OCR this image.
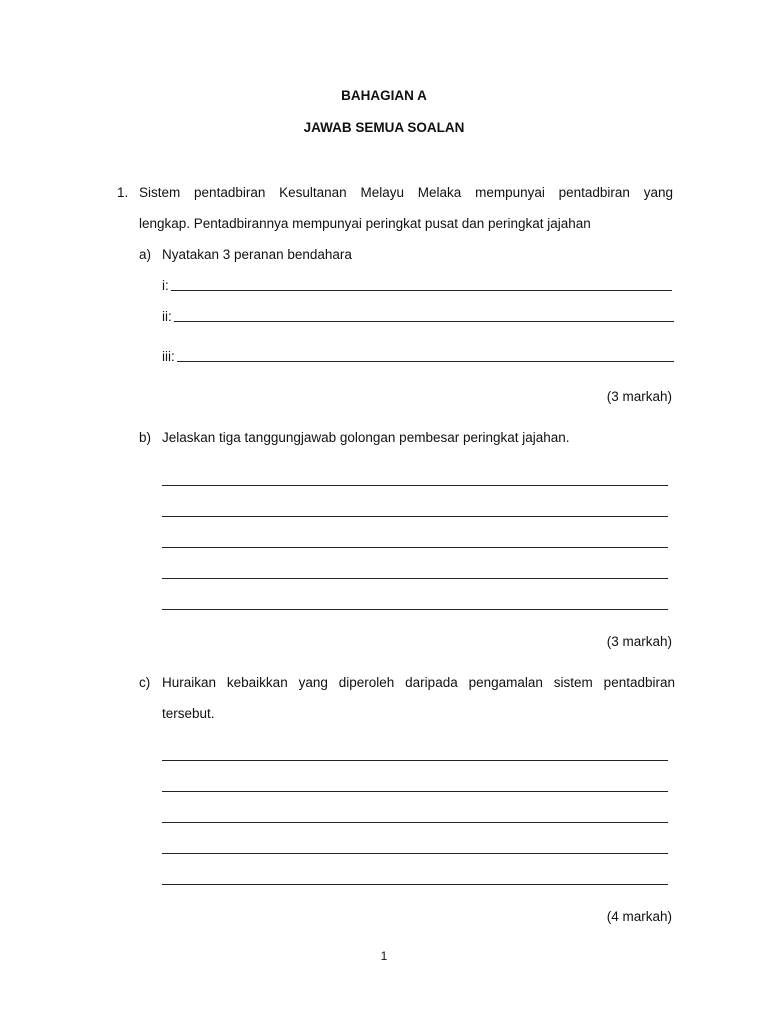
BAHAGIAN A
JAWAB SEMUA SOALAN
1. Sistem pentadbiran Kesultanan Melayu Melaka mempunyai pentadbiran yang
lengkap. Pentadbirannya mempunyai peringkat pusat dan peringkat jajahan
a) Nyatakan 3 peranan bendahara
i:
ii:
iii:
(3 markah)
b) Jelaskan tiga tanggungjawab golongan pembesar peringkat jajahan.
(3 markah)
c) Huraikan kebaikkan yang diperoleh daripada pengamalan sistem pentadbiran
tersebut.
(4 markah)
1
